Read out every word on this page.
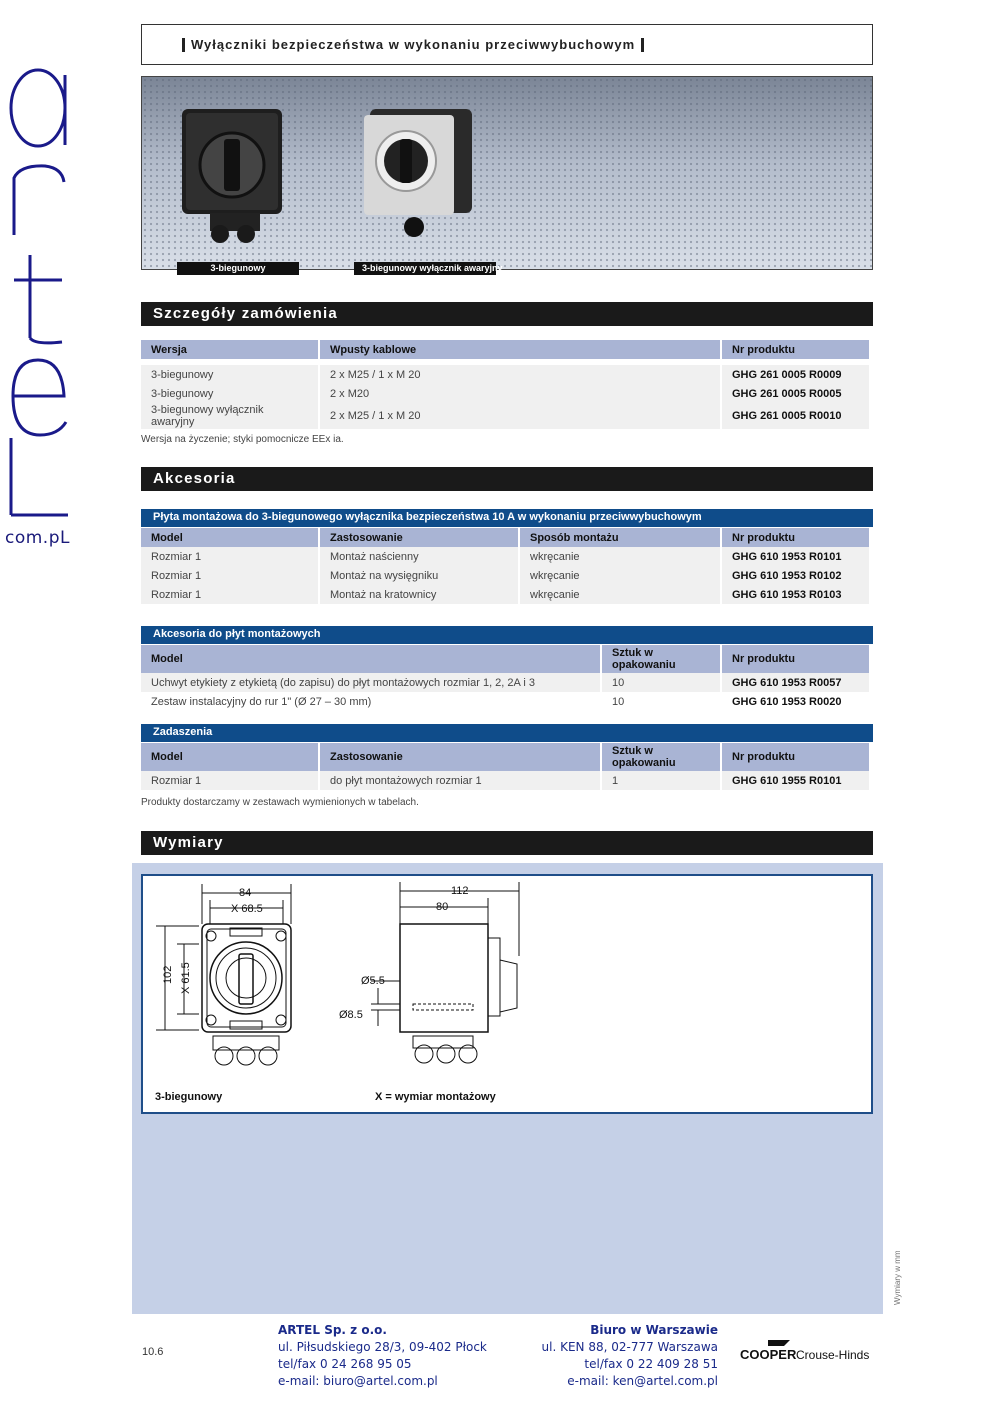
com.pL
Wyłączniki bezpieczeństwa w wykonaniu przeciwwybuchowym
3-biegunowy	3-biegunowy wyłącznik awaryjny
Szczegóły zamówienia
Wersja	Wpusty kablowe	Nr produktu

3-biegunowy	2 x M25 / 1 x M 20	GHG 261 0005 R0009
3-biegunowy	2 x M20	GHG 261 0005 R0005
3-biegunowy wyłącznik awaryjny	2 x M25 / 1 x M 20	GHG 261 0005 R0010
Wersja na życzenie; styki pomocnicze EEx ia.
Akcesoria
Płyta montażowa do 3-biegunowego wyłącznika bezpieczeństwa 10 A w wykonaniu przeciwwybuchowym
Model	Zastosowanie	Sposób montażu	Nr produktu
Rozmiar 1	Montaż naścienny	wkręcanie	GHG 610 1953 R0101
Rozmiar 1	Montaż na wysięgniku	wkręcanie	GHG 610 1953 R0102
Rozmiar 1	Montaż na kratownicy	wkręcanie	GHG 610 1953 R0103
Akcesoria do płyt montażowych
Model	Sztuk w opakowaniu	Nr produktu
Uchwyt etykiety z etykietą (do zapisu) do płyt montażowych rozmiar 1, 2, 2A i 3	10	GHG 610 1953 R0057
Zestaw instalacyjny do rur 1" (Ø 27 – 30 mm)	10	GHG 610 1953 R0020
Zadaszenia
Model	Zastosowanie	Sztuk w opakowaniu	Nr produktu
Rozmiar 1	do płyt montażowych rozmiar 1	1	GHG 610 1955 R0101
Produkty dostarczamy w zestawach wymienionych w tabelach.
Wymiary
84
X 68.5
102 X 61.5
112
80
Ø5.5
Ø8.5
3-biegunowy	X = wymiar montażowy
Wymiary w mm
10.6
ARTEL Sp. z o.o.
ul. Piłsudskiego 28/3, 09-402 Płock
tel/fax 0 24 268 95 05
e-mail: biuro@artel.com.pl
Biuro w Warszawie
ul. KEN 88, 02-777 Warszawa
tel/fax 0 22 409 28 51
e-mail: ken@artel.com.pl
COOPER Crouse-Hinds
